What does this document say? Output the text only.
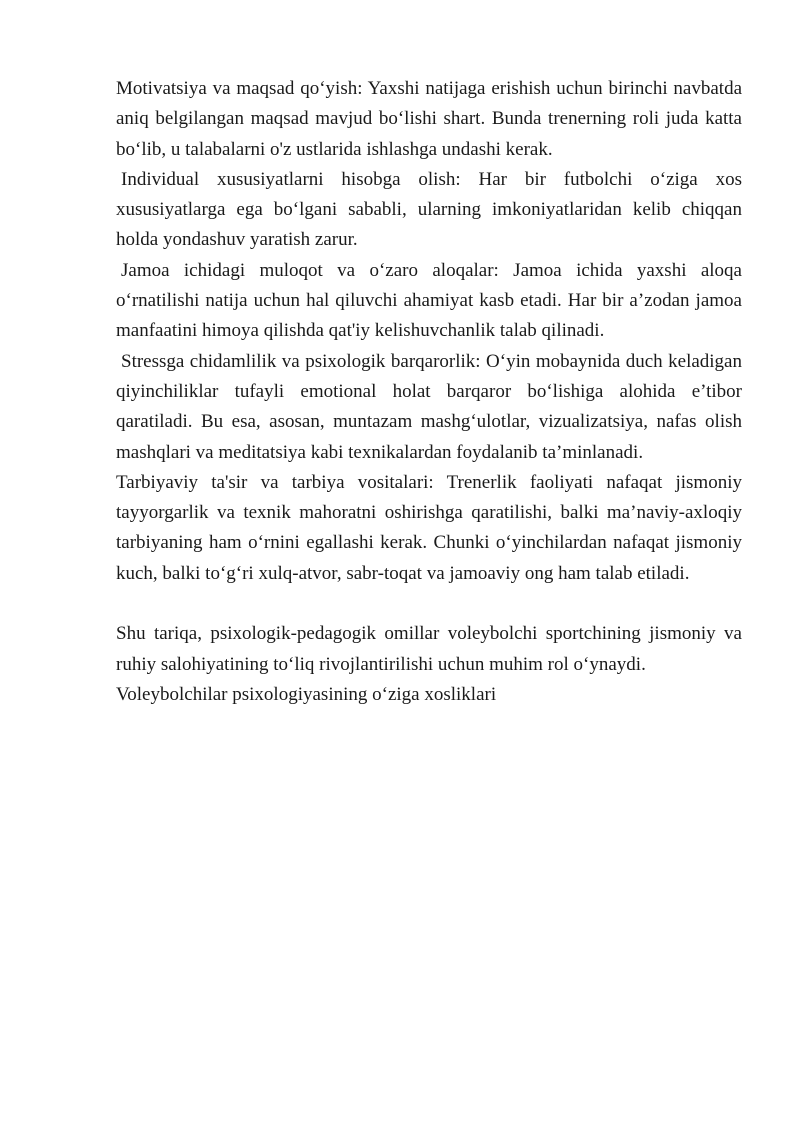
Motivatsiya va maqsad qo‘yish: Yaxshi natijaga erishish uchun birinchi navbatda aniq belgilangan maqsad mavjud bo‘lishi shart. Bunda trenerning roli juda katta bo‘lib, u talabalarni o'z ustlarida ishlashga undashi kerak.

Individual xususiyatlarni hisobga olish: Har bir futbolchi o‘ziga xos xususiyatlarga ega bo‘lgani sababli, ularning imkoniyatlaridan kelib chiqqan holda yondashuv yaratish zarur.

Jamoa ichidagi muloqot va o‘zaro aloqalar: Jamoa ichida yaxshi aloqa o‘rnatilishi natija uchun hal qiluvchi ahamiyat kasb etadi. Har bir a’zodan jamoa manfaatini himoya qilishda qat'iy kelishuvchanlik talab qilinadi.

Stressga chidamlilik va psixologik barqarorlik: O‘yin mobaynida duch keladigan qiyinchiliklar tufayli emotional holat barqaror bo‘lishiga alohida e’tibor qaratiladi. Bu esa, asosan, muntazam mashg‘ulotlar, vizualizatsiya, nafas olish mashqlari va meditatsiya kabi texnikalardan foydalanib ta’minlanadi.

Tarbiyaviy ta'sir va tarbiya vositalari: Trenerlik faoliyati nafaqat jismoniy tayyorgarlik va texnik mahoratni oshirishga qaratilishi, balki ma’naviy-axloqiy tarbiyaning ham o‘rnini egallashi kerak. Chunki o‘yinchilardan nafaqat jismoniy kuch, balki to‘g‘ri xulq-atvor, sabr-toqat va jamoaviy ong ham talab etiladi.

Shu tariqa, psixologik-pedagogik omillar voleybolchi sportchining jismoniy va ruhiy salohiyatining to‘liq rivojlantirilishi uchun muhim rol o‘ynaydi.

Voleybolchilar psixologiyasining o‘ziga xosliklari
